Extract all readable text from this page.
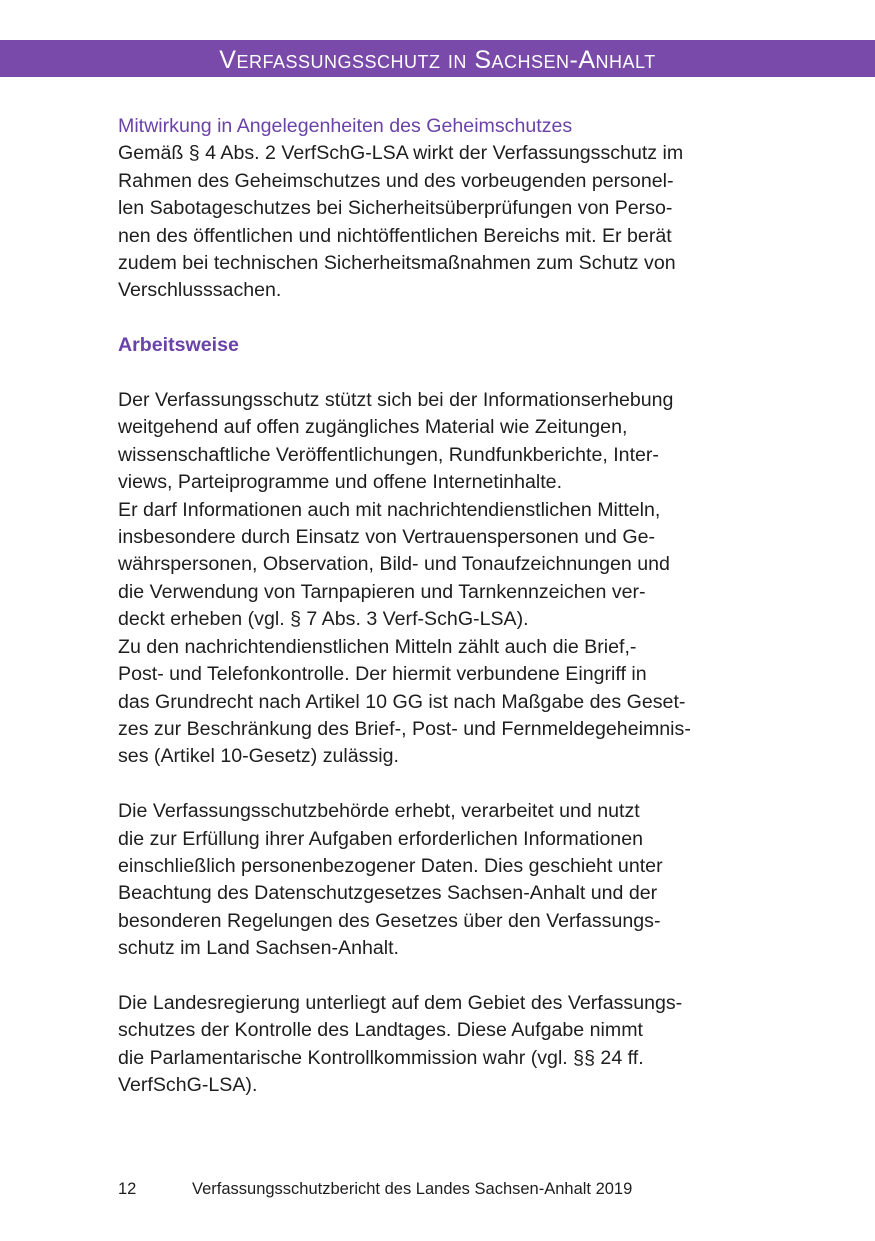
Verfassungsschutz in Sachsen-Anhalt
Mitwirkung in Angelegenheiten des Geheimschutzes
Gemäß § 4 Abs. 2 VerfSchG-LSA wirkt der Verfassungsschutz im
Rahmen des Geheimschutzes und des vorbeugenden personel-
len Sabotageschutzes bei Sicherheitsüberprüfungen von Perso-
nen des öffentlichen und nichtöffentlichen Bereichs mit. Er berät
zudem bei technischen Sicherheitsmaßnahmen zum Schutz von
Verschlusssachen.
Arbeitsweise
Der Verfassungsschutz stützt sich bei der Informationserhebung
weitgehend auf offen zugängliches Material wie Zeitungen,
wissenschaftliche Veröffentlichungen, Rundfunkberichte, Inter-
views, Parteiprogramme und offene Internetinhalte.
Er darf Informationen auch mit nachrichtendienstlichen Mitteln,
insbesondere durch Einsatz von Vertrauenspersonen und Ge-
währspersonen, Observation, Bild- und Tonaufzeichnungen und
die Verwendung von Tarnpapieren und Tarnkennzeichen ver-
deckt erheben (vgl. § 7 Abs. 3 Verf-SchG-LSA).
Zu den nachrichtendienstlichen Mitteln zählt auch die Brief,-
Post- und Telefonkontrolle. Der hiermit verbundene Eingriff in
das Grundrecht nach Artikel 10 GG ist nach Maßgabe des Geset-
zes zur Beschränkung des Brief-, Post- und Fernmeldegeheimnis-
ses (Artikel 10-Gesetz) zulässig.
Die Verfassungsschutzbehörde erhebt, verarbeitet und nutzt
die zur Erfüllung ihrer Aufgaben erforderlichen Informationen
einschließlich personenbezogener Daten. Dies geschieht unter
Beachtung des Datenschutzgesetzes Sachsen-Anhalt und der
besonderen Regelungen des Gesetzes über den Verfassungs-
schutz im Land Sachsen-Anhalt.
Die Landesregierung unterliegt auf dem Gebiet des Verfassungs-
schutzes der Kontrolle des Landtages. Diese Aufgabe nimmt
die Parlamentarische Kontrollkommission wahr (vgl. §§ 24 ff.
VerfSchG-LSA).
12	Verfassungsschutzbericht des Landes Sachsen-Anhalt 2019
